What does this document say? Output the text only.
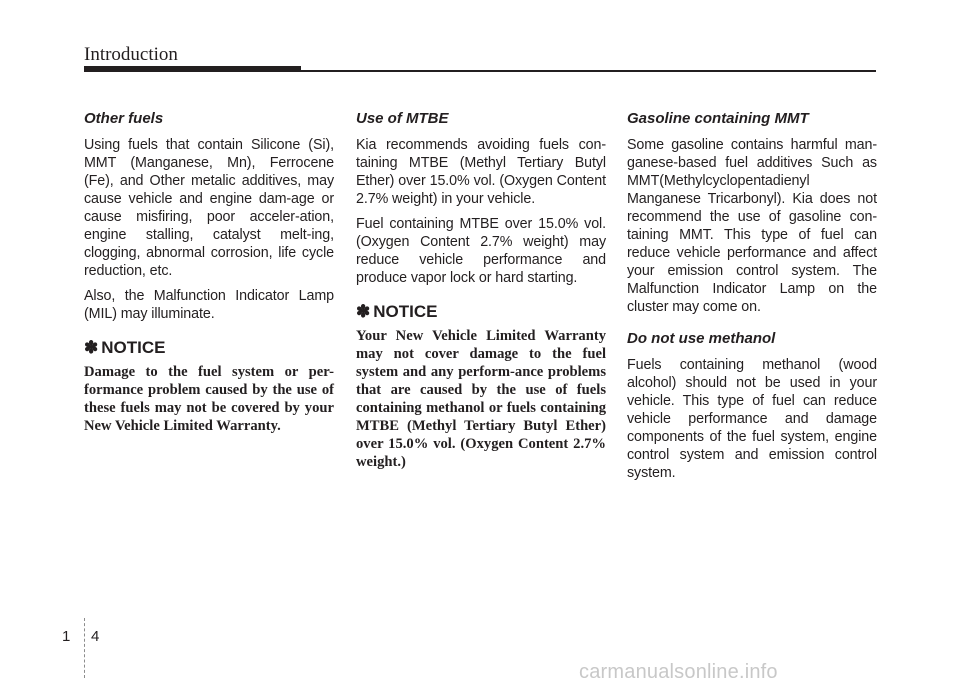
Introduction
Other fuels

Using fuels that contain Silicone (Si), MMT (Manganese, Mn), Ferrocene (Fe), and Other metalic additives, may cause vehicle and engine dam-age or cause misfiring, poor acceler-ation, engine stalling, catalyst melt-ing, clogging, abnormal corrosion, life cycle reduction, etc.

Also, the Malfunction Indicator Lamp (MIL) may illuminate.

✽ NOTICE

Damage to the fuel system or per-formance problem caused by the use of these fuels may not be covered by your New Vehicle Limited Warranty.

Use of MTBE

Kia recommends avoiding fuels con-taining MTBE (Methyl Tertiary Butyl Ether) over 15.0% vol. (Oxygen Content 2.7% weight) in your vehicle.

Fuel containing MTBE over 15.0% vol. (Oxygen Content 2.7% weight) may reduce vehicle performance and produce vapor lock or hard starting.

✽ NOTICE

Your New Vehicle Limited Warranty may not cover damage to the fuel system and any perform-ance problems that are caused by the use of fuels containing methanol or fuels containing MTBE (Methyl Tertiary Butyl Ether) over 15.0% vol. (Oxygen Content 2.7% weight.)

Gasoline containing MMT

Some gasoline contains harmful man-ganese-based fuel additives Such as MMT(Methylcyclopentadienyl Manganese Tricarbonyl). Kia does not recommend the use of gasoline con-taining MMT. This type of fuel can reduce vehicle performance and affect your emission control system. The Malfunction Indicator Lamp on the cluster may come on.

Do not use methanol

Fuels containing methanol (wood alcohol) should not be used in your vehicle. This type of fuel can reduce vehicle performance and damage components of the fuel system, engine control system and emission control system.

1 4
carmanualsonline.info
